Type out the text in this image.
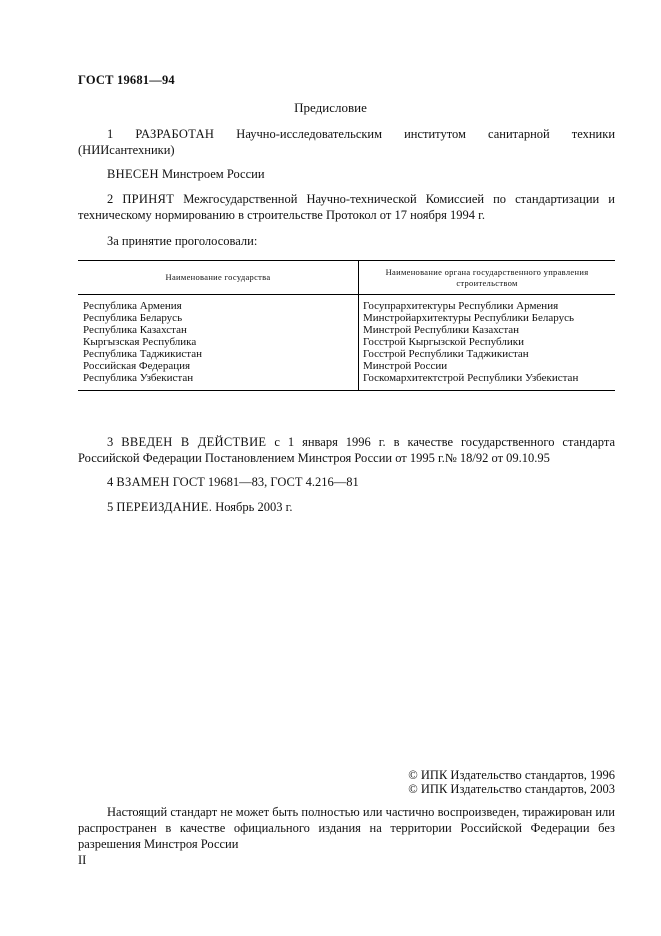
ГОСТ 19681—94
Предисловие
1 РАЗРАБОТАН Научно-исследовательским институтом санитарной техники (НИИсантехники)
ВНЕСЕН Минстроем России
2 ПРИНЯТ Межгосударственной Научно-технической Комиссией по стандартизации и техническому нормированию в строительстве Протокол от 17 ноября 1994 г.
За принятие проголосовали:
Наименование государства	Наименование органа государственного управления строительством
Республика Армения	Госупрархитектуры Республики Армения
Республика Беларусь	Минстройархитектуры Республики Беларусь
Республика Казахстан	Минстрой Республики Казахстан
Кыргызская Республика	Госстрой Кыргызской Республики
Республика Таджикистан	Госстрой Республики Таджикистан
Российская Федерация	Минстрой России
Республика Узбекистан	Госкомархитектстрой Республики Узбекистан
3 ВВЕДЕН В ДЕЙСТВИЕ с 1 января 1996 г. в качестве государственного стандарта Российской Федерации Постановлением Минстроя России от 1995 г.№ 18/92 от 09.10.95
4 ВЗАМЕН ГОСТ 19681—83, ГОСТ 4.216—81
5 ПЕРЕИЗДАНИЕ. Ноябрь 2003 г.
© ИПК Издательство стандартов, 1996
© ИПК Издательство стандартов, 2003
Настоящий стандарт не может быть полностью или частично воспроизведен, тиражирован или распространен в качестве официального издания на территории Российской Федерации без разрешения Минстроя России
II
